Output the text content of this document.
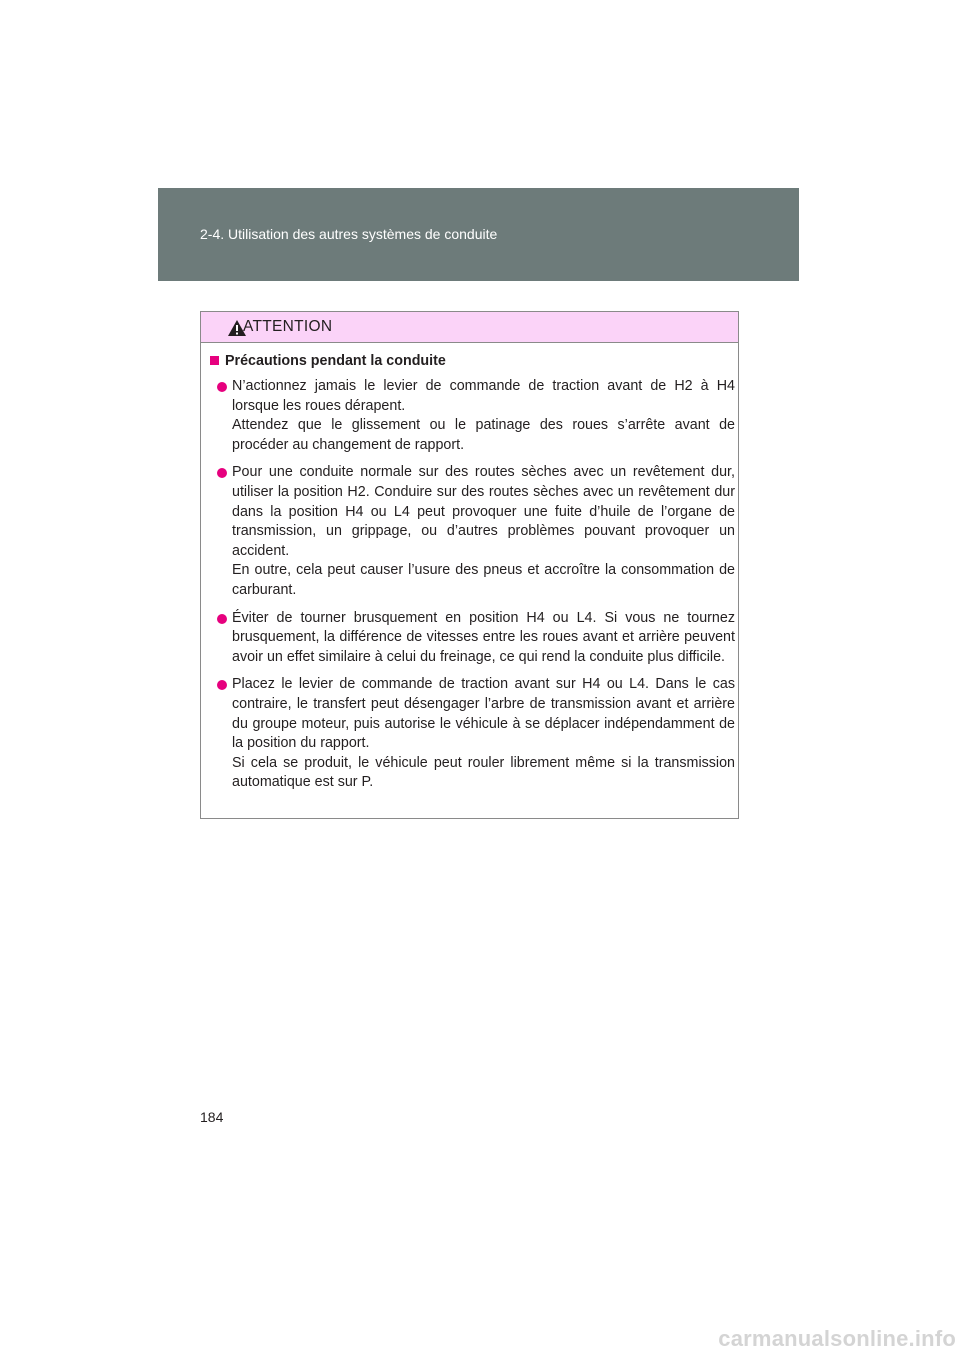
2-4. Utilisation des autres systèmes de conduite
ATTENTION
Précautions pendant la conduite

N’actionnez jamais le levier de commande de traction avant de H2 à H4 lorsque les roues dérapent.

Attendez que le glissement ou le patinage des roues s’arrête avant de procéder au changement de rapport.

Pour une conduite normale sur des routes sèches avec un revêtement dur, utiliser la position H2. Conduire sur des routes sèches avec un revêtement dur dans la position H4 ou L4 peut provoquer une fuite d’huile de l’organe de transmission, un grippage, ou d’autres problèmes pouvant provoquer un accident.

En outre, cela peut causer l’usure des pneus et accroître la consommation de carburant.

Éviter de tourner brusquement en position H4 ou L4. Si vous ne tournez brusquement, la différence de vitesses entre les roues avant et arrière peuvent avoir un effet similaire à celui du freinage, ce qui rend la conduite plus difficile.

Placez le levier de commande de traction avant sur H4 ou L4. Dans le cas contraire, le transfert peut désengager l’arbre de transmission avant et arrière du groupe moteur, puis autorise le véhicule à se déplacer indépendamment de la position du rapport.

Si cela se produit, le véhicule peut rouler librement même si la transmission automatique est sur P.

184
carmanualsonline.info
